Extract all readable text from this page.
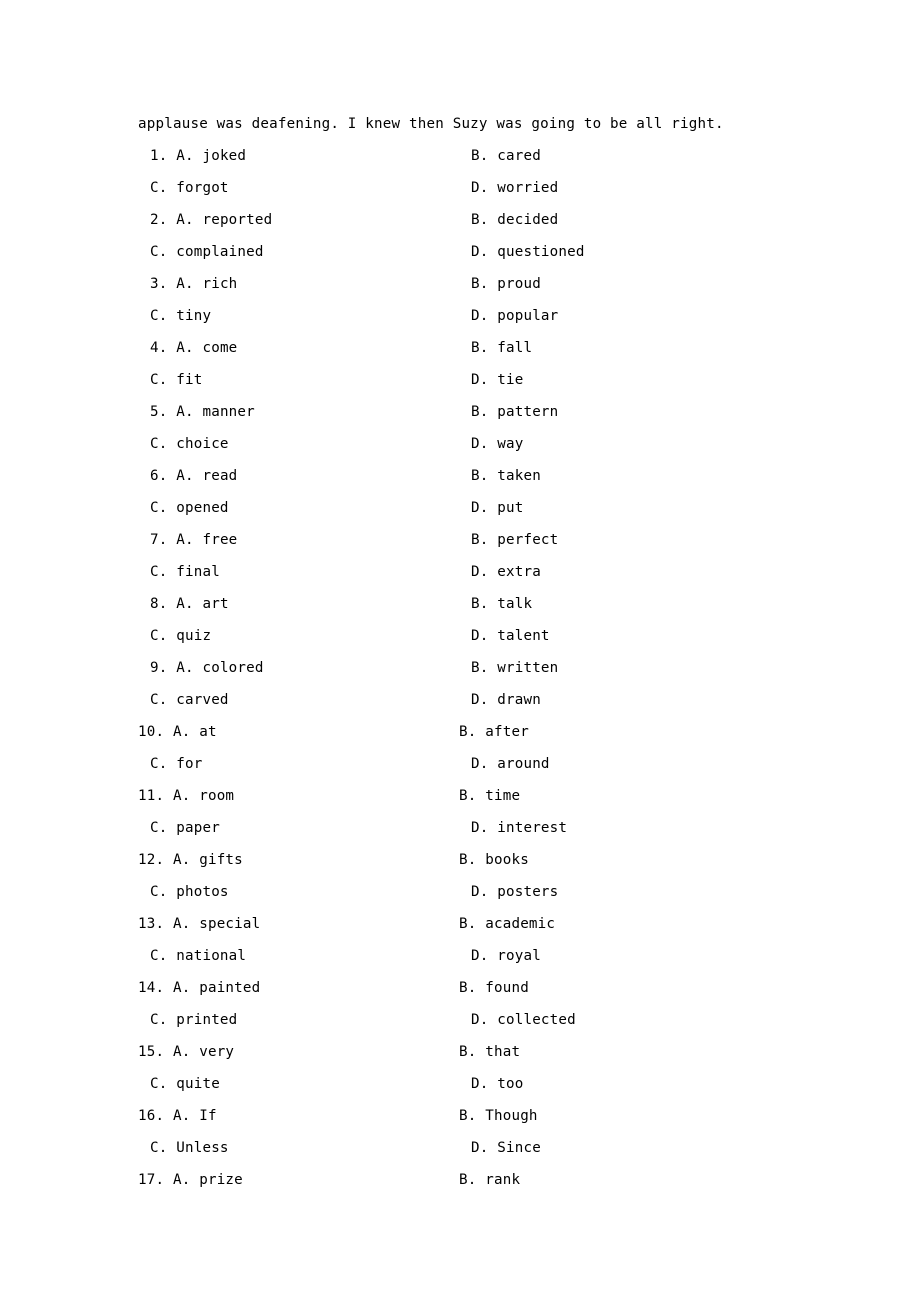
applause was deafening. I knew then Suzy was going to be all right.
1. A. joked	B. cared
C. forgot	D. worried
2. A. reported	B. decided
C. complained	D. questioned
3. A. rich	B. proud
C. tiny	D. popular
4. A. come	B. fall
C. fit	D. tie
5. A. manner	B. pattern
C. choice	D. way
6. A. read	B. taken
C. opened	D. put
7. A. free	B. perfect
C. final	D. extra
8. A. art	B. talk
C. quiz	D. talent
9. A. colored	B. written
C. carved	D. drawn
10. A. at	B. after
C. for	D. around
11. A. room	B. time
C. paper	D. interest
12. A. gifts	B. books
C. photos	D. posters
13. A. special	B. academic
C. national	D. royal
14. A. painted	B. found
C. printed	D. collected
15. A. very	B. that
C. quite	D. too
16. A. If	B. Though
C. Unless	D. Since
17. A. prize	B. rank
